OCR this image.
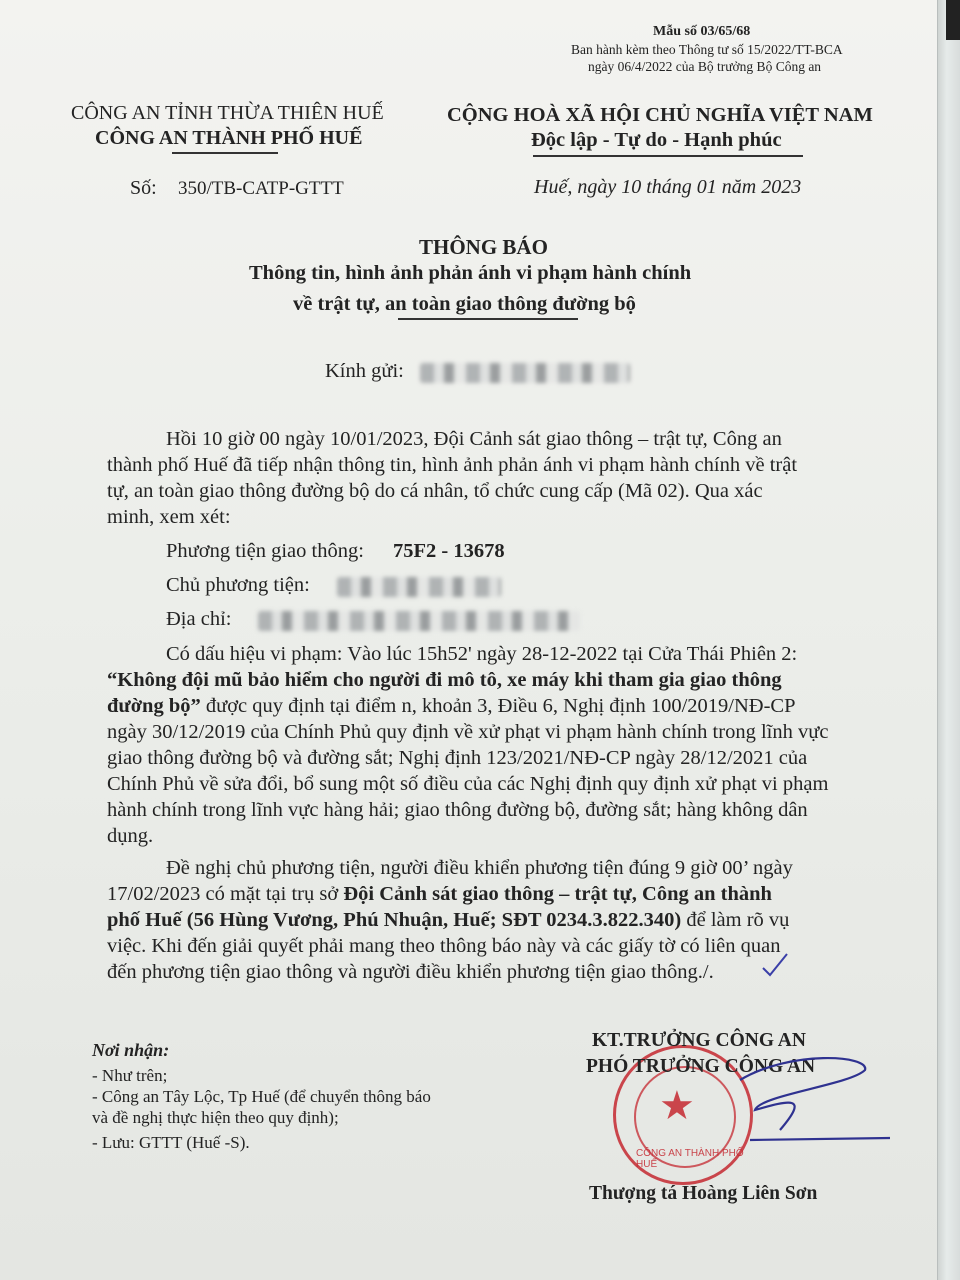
Mẫu số 03/65/68
Ban hành kèm theo Thông tư số 15/2022/TT-BCA
ngày 06/4/2022 của Bộ trưởng Bộ Công an
CÔNG AN TỈNH THỪA THIÊN HUẾ
CÔNG AN THÀNH PHỐ HUẾ
CỘNG HOÀ XÃ HỘI CHỦ NGHĨA VIỆT NAM
Độc lập - Tự do - Hạnh phúc
Số: 350/TB-CATP-GTTT	Huế, ngày 10 tháng 01 năm 2023
THÔNG BÁO
Thông tin, hình ảnh phản ánh vi phạm hành chính
về trật tự, an toàn giao thông đường bộ
Kính gửi:
Hồi 10 giờ 00 ngày 10/01/2023, Đội Cảnh sát giao thông – trật tự, Công an
thành phố Huế đã tiếp nhận thông tin, hình ảnh phản ánh vi phạm hành chính về trật
tự, an toàn giao thông đường bộ do cá nhân, tổ chức cung cấp (Mã 02). Qua xác
minh, xem xét:
Phương tiện giao thông: 75F2 - 13678
Chủ phương tiện:
Địa chỉ:
Có dấu hiệu vi phạm: Vào lúc 15h52' ngày 28-12-2022 tại Cửa Thái Phiên 2:
“Không đội mũ bảo hiểm cho người đi mô tô, xe máy khi tham gia giao thông
đường bộ” được quy định tại điểm n, khoản 3, Điều 6, Nghị định 100/2019/NĐ-CP
ngày 30/12/2019 của Chính Phủ quy định về xử phạt vi phạm hành chính trong lĩnh vực
giao thông đường bộ và đường sắt; Nghị định 123/2021/NĐ-CP ngày 28/12/2021 của
Chính Phủ về sửa đổi, bổ sung một số điều của các Nghị định quy định xử phạt vi phạm
hành chính trong lĩnh vực hàng hải; giao thông đường bộ, đường sắt; hàng không dân
dụng.
Đề nghị chủ phương tiện, người điều khiển phương tiện đúng 9 giờ 00’ ngày
17/02/2023 có mặt tại trụ sở Đội Cảnh sát giao thông – trật tự, Công an thành
phố Huế (56 Hùng Vương, Phú Nhuận, Huế; SĐT 0234.3.822.340) để làm rõ vụ
việc. Khi đến giải quyết phải mang theo thông báo này và các giấy tờ có liên quan
đến phương tiện giao thông và người điều khiển phương tiện giao thông./.
Nơi nhận:
- Như trên;
- Công an Tây Lộc, Tp Huế (để chuyển thông báo
và đề nghị thực hiện theo quy định);
- Lưu: GTTT (Huế -S).
★
CÔNG AN THÀNH PHỐ HUẾ
KT.TRƯỞNG CÔNG AN
PHÓ TRƯỞNG CÔNG AN
Thượng tá Hoàng Liên Sơn
